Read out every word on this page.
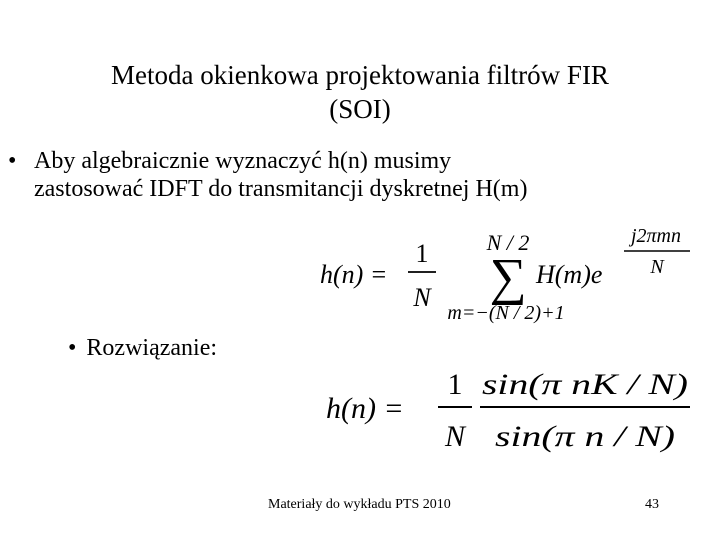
Metoda okienkowa projektowania filtrów FIR
(SOI)
• Aby algebraicznie wyznaczyć h(n) musimy
zastosować IDFT do transmitancji dyskretnej H(m)
h(n) =
1
N
N / 2
∑
m=−(N / 2)+1
H(m)e
j2πmn
N
• Rozwiązanie:
h(n) =
1
N
sin(π nK / N)
sin(π n / N)
Materiały do wykładu PTS 2010	43
